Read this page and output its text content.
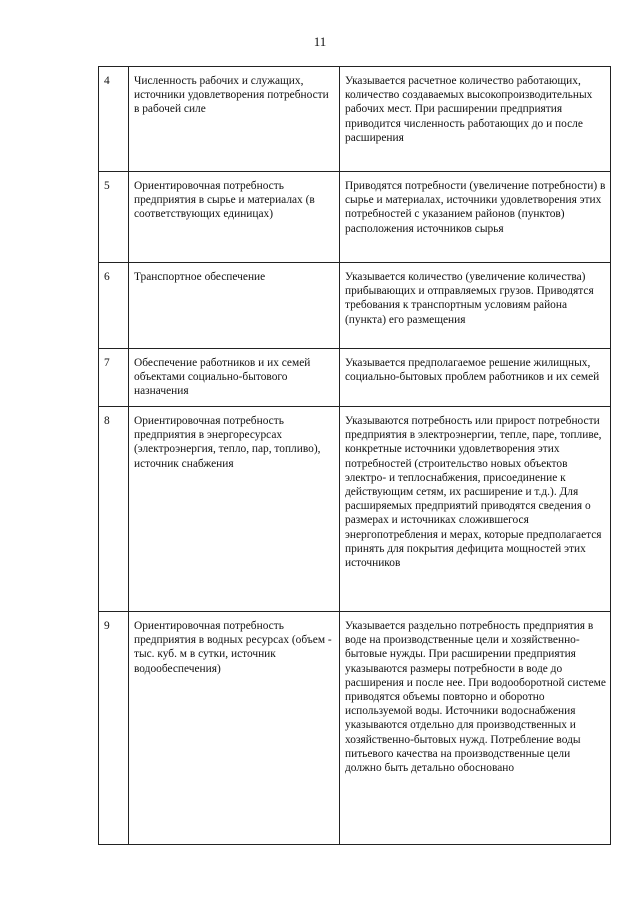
11
4	Численность рабочих и служащих, источники удовлетворения потребности в рабочей силе	Указывается расчетное количество работающих, количество создаваемых высокопроизводительных рабочих мест. При расширении предприятия приводится численность работающих до и после расширения
5	Ориентировочная потребность предприятия в сырье и материалах (в соответствующих единицах)	Приводятся потребности (увеличение потребности) в сырье и материалах, источники удовлетворения этих потребностей с указанием районов (пунктов) расположения источников сырья
6	Транспортное обеспечение	Указывается количество (увеличение количества) прибывающих и отправляемых грузов. Приводятся требования к транспортным условиям района (пункта) его размещения
7	Обеспечение работников и их семей объектами социально-бытового назначения	Указывается предполагаемое решение жилищных, социально-бытовых проблем работников и их семей
8	Ориентировочная потребность предприятия в энергоресурсах (электроэнергия, тепло, пар, топливо), источник снабжения	Указываются потребность или прирост потребности предприятия в электроэнергии, тепле, паре, топливе, конкретные источники удовлетворения этих потребностей (строительство новых объектов электро- и теплоснабжения, присоединение к действующим сетям, их расширение и т.д.). Для расширяемых предприятий приводятся сведения о размерах и источниках сложившегося энергопотребления и мерах, которые предполагается принять для покрытия дефицита мощностей этих источников
9	Ориентировочная потребность предприятия в водных ресурсах (объем - тыс. куб. м в сутки, источник водообеспечения)	Указывается раздельно потребность предприятия в воде на производственные цели и хозяйственно-бытовые нужды. При расширении предприятия указываются размеры потребности в воде до расширения и после нее. При водооборотной системе приводятся объемы повторно и оборотно используемой воды. Источники водоснабжения указываются отдельно для производственных и хозяйственно-бытовых нужд. Потребление воды питьевого качества на производственные цели должно быть детально обосновано
